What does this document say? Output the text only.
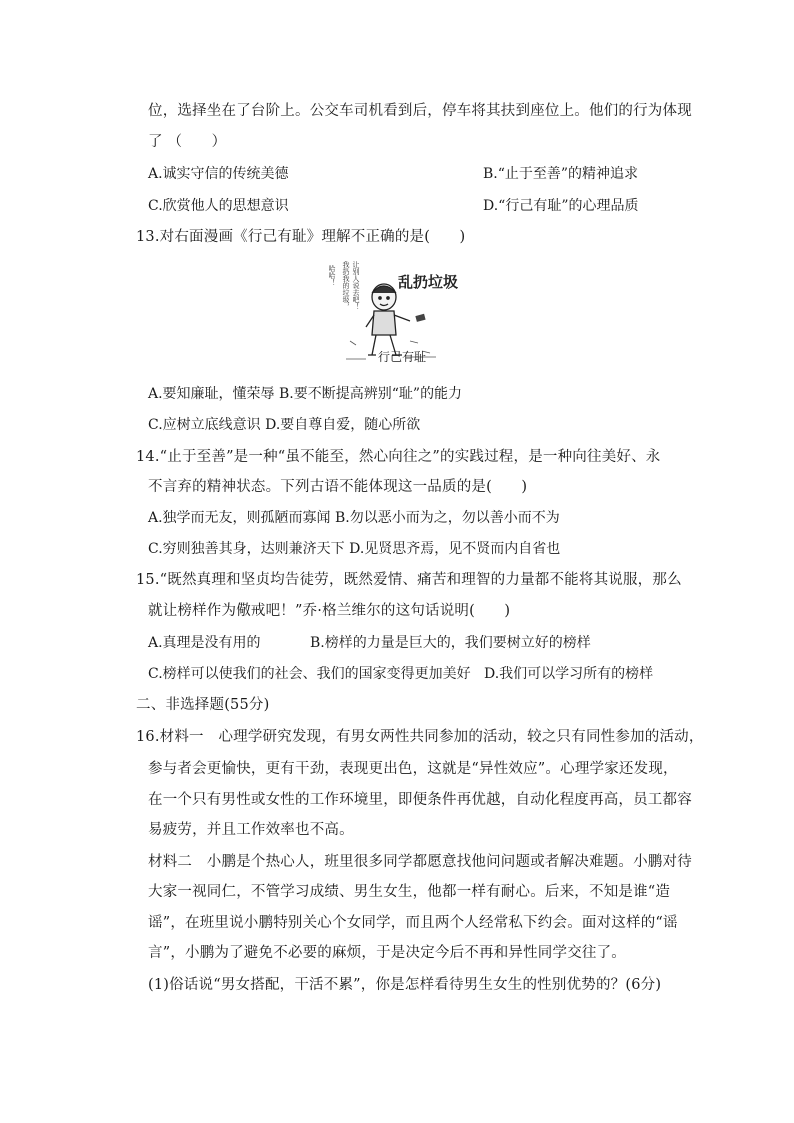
位，选择坐在了台阶上。公交车司机看到后，停车将其扶到座位上。他们的行为体现
了 （　　）
A.诚实守信的传统美德	B.“止于至善”的精神追求
C.欣赏他人的思想意识	D.“行己有耻”的心理品质
13.对右面漫画《行己有耻》理解不正确的是(　　)
乱扔垃圾
哈哈！ 我扔我的垃圾， 让别人说去吧！
行己有耻
A.要知廉耻，懂荣辱 B.要不断提高辨别“耻”的能力
C.应树立底线意识 D.要自尊自爱，随心所欲
14.“止于至善”是一种“虽不能至，然心向往之”的实践过程，是一种向往美好、永
不言弃的精神状态。下列古语不能体现这一品质的是(　　)
A.独学而无友，则孤陋而寡闻 B.勿以恶小而为之，勿以善小而不为
C.穷则独善其身，达则兼济天下 D.见贤思齐焉，见不贤而内自省也
15.“既然真理和坚贞均告徒劳，既然爱情、痛苦和理智的力量都不能将其说服，那么
就让榜样作为儆戒吧！”乔·格兰维尔的这句话说明(　　)
A.真理是没有用的	B.榜样的力量是巨大的，我们要树立好的榜样
C.榜样可以使我们的社会、我们的国家变得更加美好 D.我们可以学习所有的榜样
二、非选择题(55分)
16.材料一　心理学研究发现，有男女两性共同参加的活动，较之只有同性参加的活动，
参与者会更愉快，更有干劲，表现更出色，这就是“异性效应”。心理学家还发现，
在一个只有男性或女性的工作环境里，即便条件再优越，自动化程度再高，员工都容
易疲劳，并且工作效率也不高。
材料二　小鹏是个热心人，班里很多同学都愿意找他问问题或者解决难题。小鹏对待
大家一视同仁，不管学习成绩、男生女生，他都一样有耐心。后来，不知是谁“造
谣”，在班里说小鹏特别关心个女同学，而且两个人经常私下约会。面对这样的“谣
言”，小鹏为了避免不必要的麻烦，于是决定今后不再和异性同学交往了。
(1)俗话说“男女搭配，干活不累”，你是怎样看待男生女生的性别优势的？(6分)
